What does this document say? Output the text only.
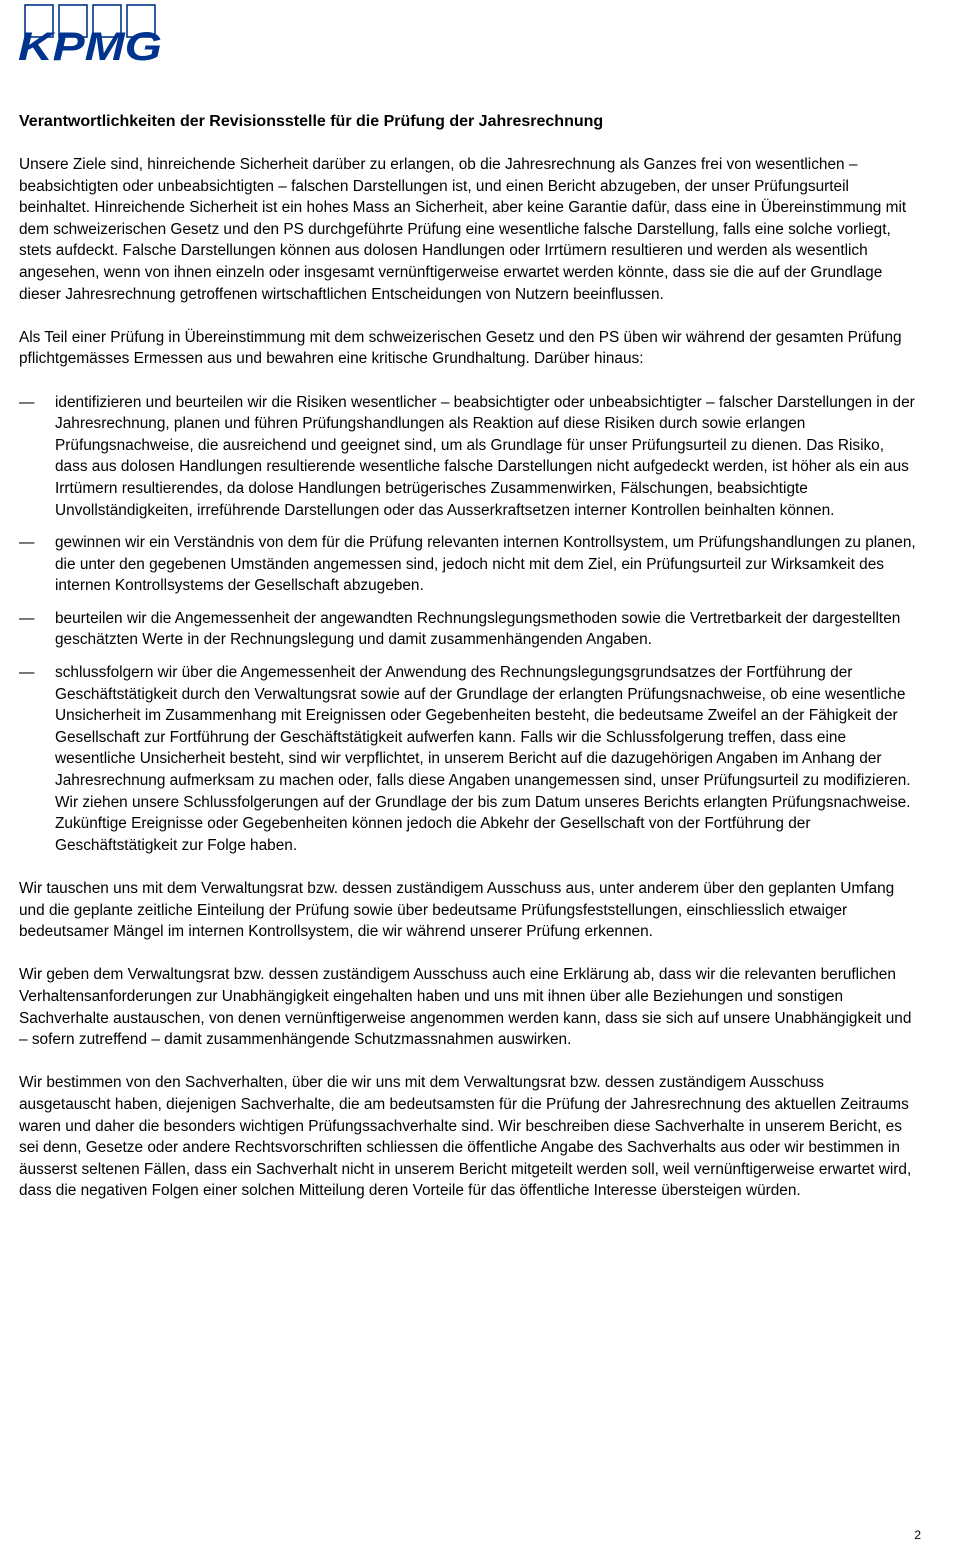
KPMG
Verantwortlichkeiten der Revisionsstelle für die Prüfung der Jahresrechnung

Unsere Ziele sind, hinreichende Sicherheit darüber zu erlangen, ob die Jahresrechnung als Ganzes frei von wesentlichen – beabsichtigten oder unbeabsichtigten – falschen Darstellungen ist, und einen Bericht abzugeben, der unser Prüfungsurteil beinhaltet. Hinreichende Sicherheit ist ein hohes Mass an Sicherheit, aber keine Garantie dafür, dass eine in Übereinstimmung mit dem schweizerischen Gesetz und den PS durchgeführte Prüfung eine wesentliche falsche Darstellung, falls eine solche vorliegt, stets aufdeckt. Falsche Darstellungen können aus dolosen Handlungen oder Irrtümern resultieren und werden als wesentlich angesehen, wenn von ihnen einzeln oder insgesamt vernünftigerweise erwartet werden könnte, dass sie die auf der Grundlage dieser Jahresrechnung getroffenen wirtschaftlichen Entscheidungen von Nutzern beeinflussen.

Als Teil einer Prüfung in Übereinstimmung mit dem schweizerischen Gesetz und den PS üben wir während der gesamten Prüfung pflichtgemässes Ermessen aus und bewahren eine kritische Grundhaltung. Darüber hinaus:

—	identifizieren und beurteilen wir die Risiken wesentlicher – beabsichtigter oder unbeabsichtigter – falscher Darstellungen in der Jahresrechnung, planen und führen Prüfungshandlungen als Reaktion auf diese Risiken durch sowie erlangen Prüfungsnachweise, die ausreichend und geeignet sind, um als Grundlage für unser Prüfungsurteil zu dienen. Das Risiko, dass aus dolosen Handlungen resultierende wesentliche falsche Darstellungen nicht aufgedeckt werden, ist höher als ein aus Irrtümern resultierendes, da dolose Handlungen betrügerisches Zusammenwirken, Fälschungen, beabsichtigte Unvollständigkeiten, irreführende Darstellungen oder das Ausserkraftsetzen interner Kontrollen beinhalten können.
—	gewinnen wir ein Verständnis von dem für die Prüfung relevanten internen Kontrollsystem, um Prüfungshandlungen zu planen, die unter den gegebenen Umständen angemessen sind, jedoch nicht mit dem Ziel, ein Prüfungsurteil zur Wirksamkeit des internen Kontrollsystems der Gesellschaft abzugeben.
—	beurteilen wir die Angemessenheit der angewandten Rechnungslegungsmethoden sowie die Vertretbarkeit der dargestellten geschätzten Werte in der Rechnungslegung und damit zusammenhängenden Angaben.
—	schlussfolgern wir über die Angemessenheit der Anwendung des Rechnungslegungsgrundsatzes der Fortführung der Geschäftstätigkeit durch den Verwaltungsrat sowie auf der Grundlage der erlangten Prüfungsnachweise, ob eine wesentliche Unsicherheit im Zusammenhang mit Ereignissen oder Gegebenheiten besteht, die bedeutsame Zweifel an der Fähigkeit der Gesellschaft zur Fortführung der Geschäftstätigkeit aufwerfen kann. Falls wir die Schlussfolgerung treffen, dass eine wesentliche Unsicherheit besteht, sind wir verpflichtet, in unserem Bericht auf die dazugehörigen Angaben im Anhang der Jahresrechnung aufmerksam zu machen oder, falls diese Angaben unangemessen sind, unser Prüfungsurteil zu modifizieren. Wir ziehen unsere Schlussfolgerungen auf der Grundlage der bis zum Datum unseres Berichts erlangten Prüfungsnachweise. Zukünftige Ereignisse oder Gegebenheiten können jedoch die Abkehr der Gesellschaft von der Fortführung der Geschäftstätigkeit zur Folge haben.

Wir tauschen uns mit dem Verwaltungsrat bzw. dessen zuständigem Ausschuss aus, unter anderem über den geplanten Umfang und die geplante zeitliche Einteilung der Prüfung sowie über bedeutsame Prüfungsfeststellungen, einschliesslich etwaiger bedeutsamer Mängel im internen Kontrollsystem, die wir während unserer Prüfung erkennen.

Wir geben dem Verwaltungsrat bzw. dessen zuständigem Ausschuss auch eine Erklärung ab, dass wir die relevanten beruflichen Verhaltensanforderungen zur Unabhängigkeit eingehalten haben und uns mit ihnen über alle Beziehungen und sonstigen Sachverhalte austauschen, von denen vernünftigerweise angenommen werden kann, dass sie sich auf unsere Unabhängigkeit und – sofern zutreffend – damit zusammenhängende Schutzmassnahmen auswirken.

Wir bestimmen von den Sachverhalten, über die wir uns mit dem Verwaltungsrat bzw. dessen zuständigem Ausschuss ausgetauscht haben, diejenigen Sachverhalte, die am bedeutsamsten für die Prüfung der Jahresrechnung des aktuellen Zeitraums waren und daher die besonders wichtigen Prüfungssachverhalte sind. Wir beschreiben diese Sachverhalte in unserem Bericht, es sei denn, Gesetze oder andere Rechtsvorschriften schliessen die öffentliche Angabe des Sachverhalts aus oder wir bestimmen in äusserst seltenen Fällen, dass ein Sachverhalt nicht in unserem Bericht mitgeteilt werden soll, weil vernünftigerweise erwartet wird, dass die negativen Folgen einer solchen Mitteilung deren Vorteile für das öffentliche Interesse übersteigen würden.

2
